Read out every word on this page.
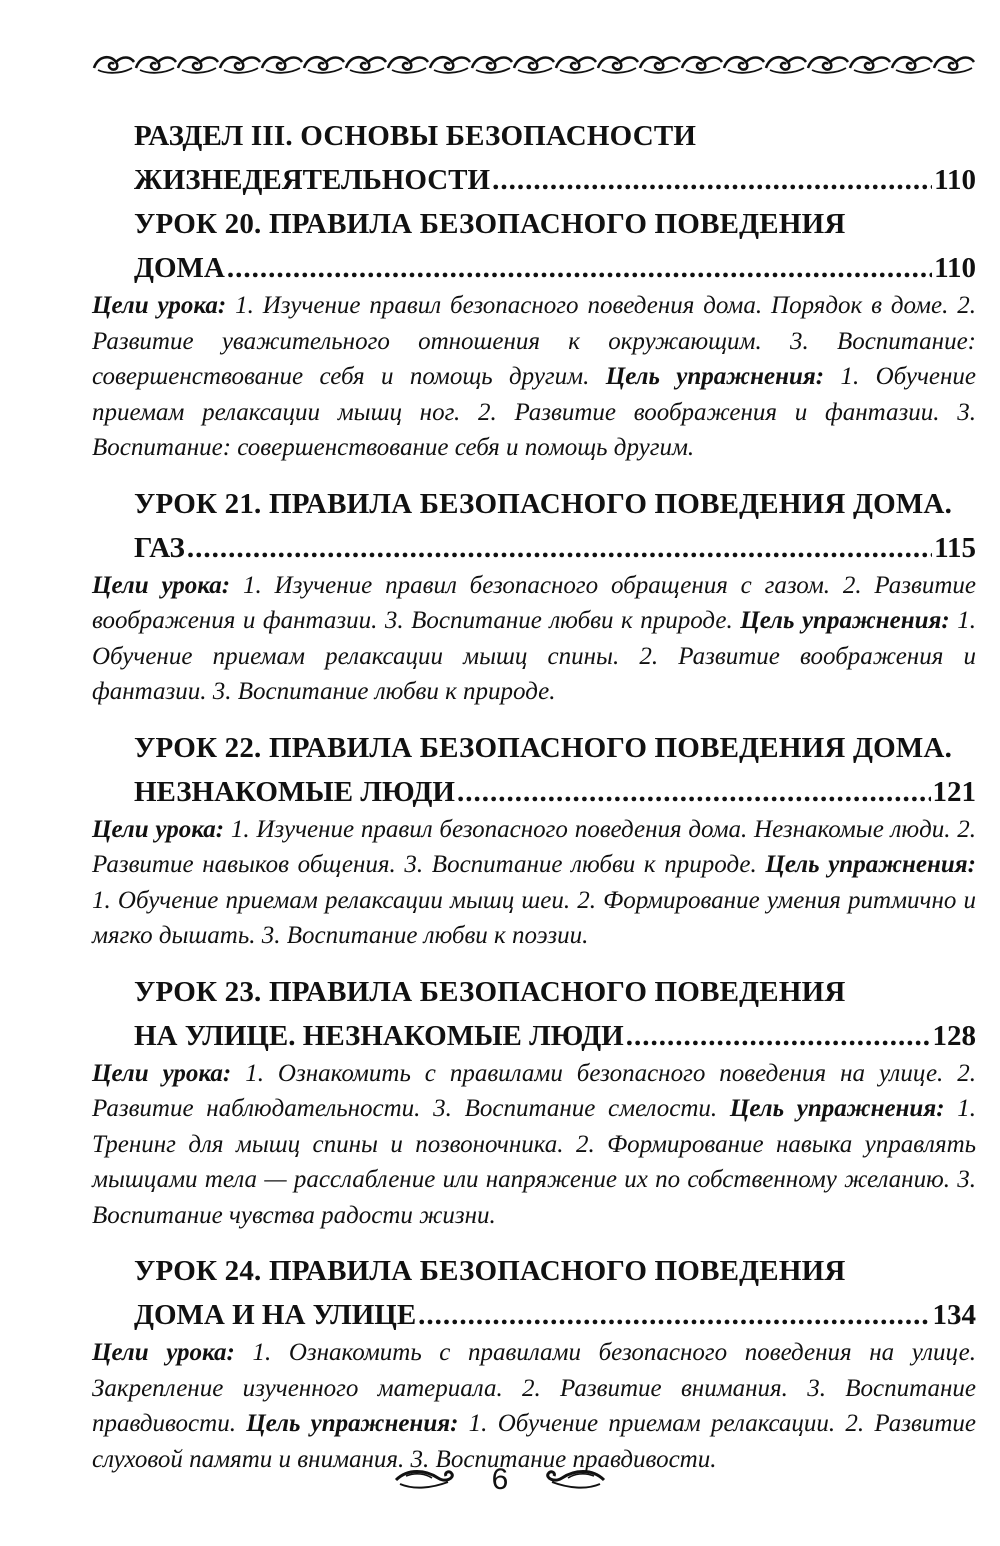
РАЗДЕЛ III. ОСНОВЫ БЕЗОПАСНОСТИ
ЖИЗНЕДЕЯТЕЛЬНОСТИ .....	110
УРОК 20. ПРАВИЛА БЕЗОПАСНОГО ПОВЕДЕНИЯ
ДОМА .....	110
Цели урока: 1. Изучение правил безопасного поведения дома. Порядок в доме. 2. Развитие уважительного отношения к окружающим. 3. Воспитание: совершенствование себя и помощь другим. Цель упражнения: 1. Обучение приемам релаксации мышц ног. 2. Развитие воображения и фантазии. 3. Воспитание: совершенствование себя и помощь другим.
УРОК 21. ПРАВИЛА БЕЗОПАСНОГО ПОВЕДЕНИЯ ДОМА.
ГАЗ .....	115
Цели урока: 1. Изучение правил безопасного обращения с газом. 2. Развитие воображения и фантазии. 3. Воспитание любви к природе. Цель упражнения: 1. Обучение приемам релаксации мышц спины. 2. Развитие воображения и фантазии. 3. Воспитание любви к природе.
УРОК 22. ПРАВИЛА БЕЗОПАСНОГО ПОВЕДЕНИЯ ДОМА.
НЕЗНАКОМЫЕ ЛЮДИ .....	121
Цели урока: 1. Изучение правил безопасного поведения дома. Незнакомые люди. 2. Развитие навыков общения. 3. Воспитание любви к природе. Цель упражнения: 1. Обучение приемам релаксации мышц шеи. 2. Формирование умения ритмично и мягко дышать. 3. Воспитание любви к поэзии.
УРОК 23. ПРАВИЛА БЕЗОПАСНОГО ПОВЕДЕНИЯ
НА УЛИЦЕ. НЕЗНАКОМЫЕ ЛЮДИ .....	128
Цели урока: 1. Ознакомить с правилами безопасного поведения на улице. 2. Развитие наблюдательности. 3. Воспитание смелости. Цель упражнения: 1. Тренинг для мышц спины и позвоночника. 2. Формирование навыка управлять мышцами тела — расслабление или напряжение их по собственному желанию. 3. Воспитание чувства радости жизни.
УРОК 24. ПРАВИЛА БЕЗОПАСНОГО ПОВЕДЕНИЯ
ДОМА И НА УЛИЦЕ .....	134
Цели урока: 1. Ознакомить с правилами безопасного поведения на улице. Закрепление изученного материала. 2. Развитие внимания. 3. Воспитание правдивости. Цель упражнения: 1. Обучение приемам релаксации. 2. Развитие слуховой памяти и внимания. 3. Воспитание правдивости.
6
